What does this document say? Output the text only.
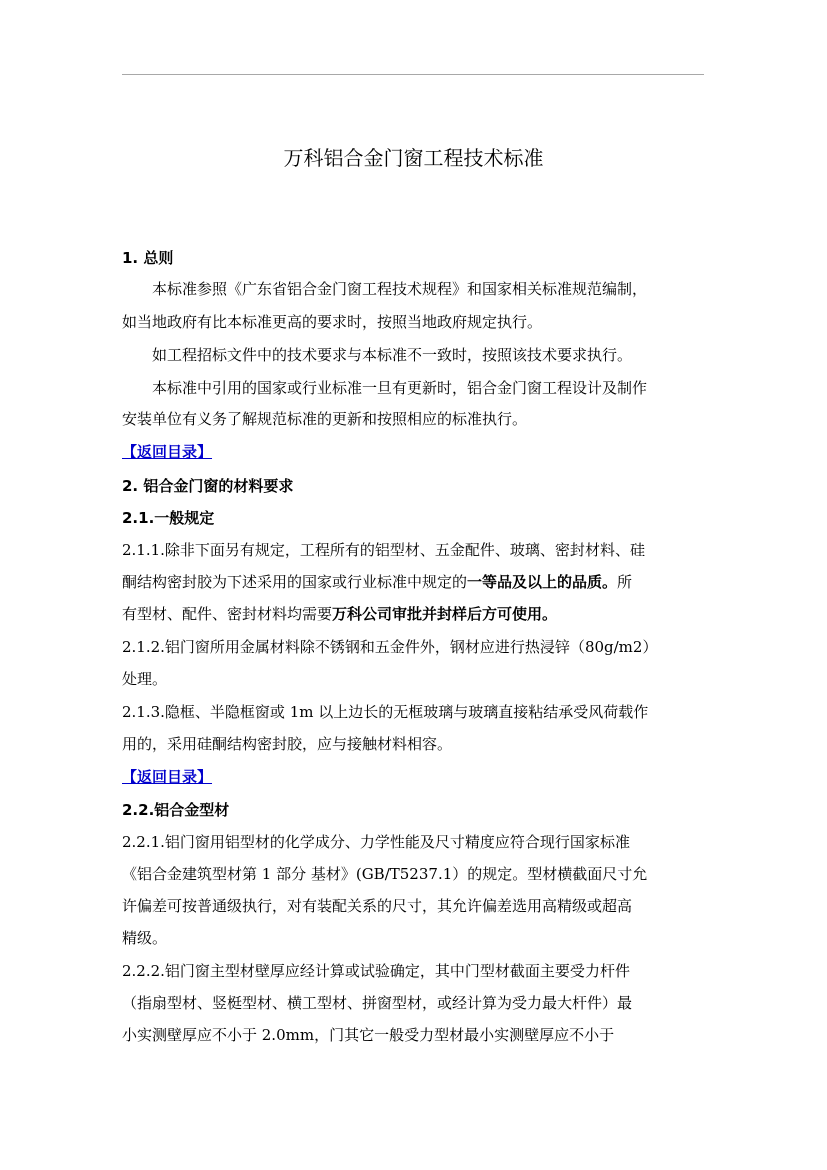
万科铝合金门窗工程技术标准
1. 总则
本标准参照《广东省铝合金门窗工程技术规程》和国家相关标准规范编制，
如当地政府有比本标准更高的要求时，按照当地政府规定执行。
如工程招标文件中的技术要求与本标准不一致时，按照该技术要求执行。
本标准中引用的国家或行业标准一旦有更新时，铝合金门窗工程设计及制作
安装单位有义务了解规范标准的更新和按照相应的标准执行。
【返回目录】
2. 铝合金门窗的材料要求
2.1.一般规定
2.1.1.除非下面另有规定，工程所有的铝型材、五金配件、玻璃、密封材料、硅
酮结构密封胶为下述采用的国家或行业标准中规定的一等品及以上的品质。所
有型材、配件、密封材料均需要万科公司审批并封样后方可使用。
2.1.2.铝门窗所用金属材料除不锈钢和五金件外，钢材应进行热浸锌（80g/m2）
处理。
2.1.3.隐框、半隐框窗或 1m 以上边长的无框玻璃与玻璃直接粘结承受风荷载作
用的，采用硅酮结构密封胶，应与接触材料相容。
【返回目录】
2.2.铝合金型材
2.2.1.铝门窗用铝型材的化学成分、力学性能及尺寸精度应符合现行国家标准
《铝合金建筑型材第 1 部分 基材》(GB/T5237.1）的规定。型材横截面尺寸允
许偏差可按普通级执行，对有装配关系的尺寸，其允许偏差选用高精级或超高
精级。
2.2.2.铝门窗主型材壁厚应经计算或试验确定，其中门型材截面主要受力杆件
（指扇型材、竖梃型材、横工型材、拼窗型材，或经计算为受力最大杆件）最
小实测壁厚应不小于 2.0mm，门其它一般受力型材最小实测壁厚应不小于
